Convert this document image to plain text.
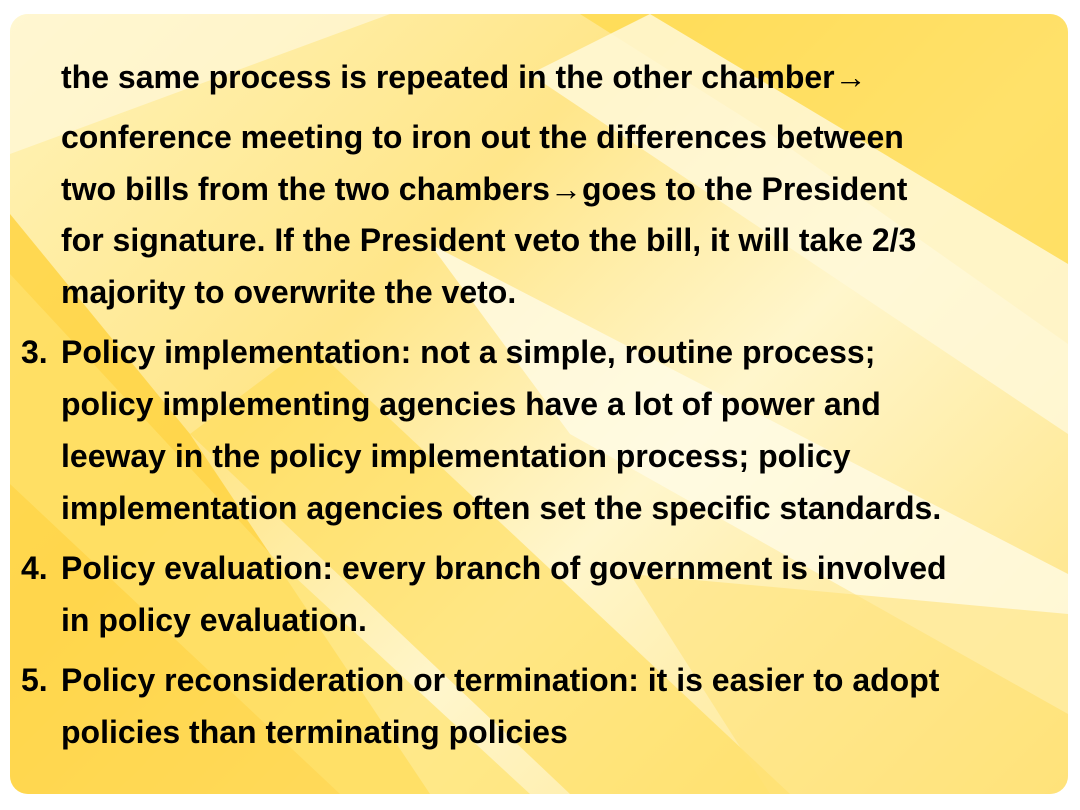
the same process is repeated in the other chamber→
conference meeting to iron out the differences between
two bills from the two chambers→goes to the President
for signature. If the President veto the bill, it will take 2/3
majority to overwrite the veto.
3. Policy implementation: not a simple, routine process;
policy implementing agencies have a lot of power and
leeway in the policy implementation process; policy
implementation agencies often set the specific standards.
4. Policy evaluation: every branch of government is involved
in policy evaluation.
5. Policy reconsideration or termination: it is easier to adopt
policies than terminating policies
